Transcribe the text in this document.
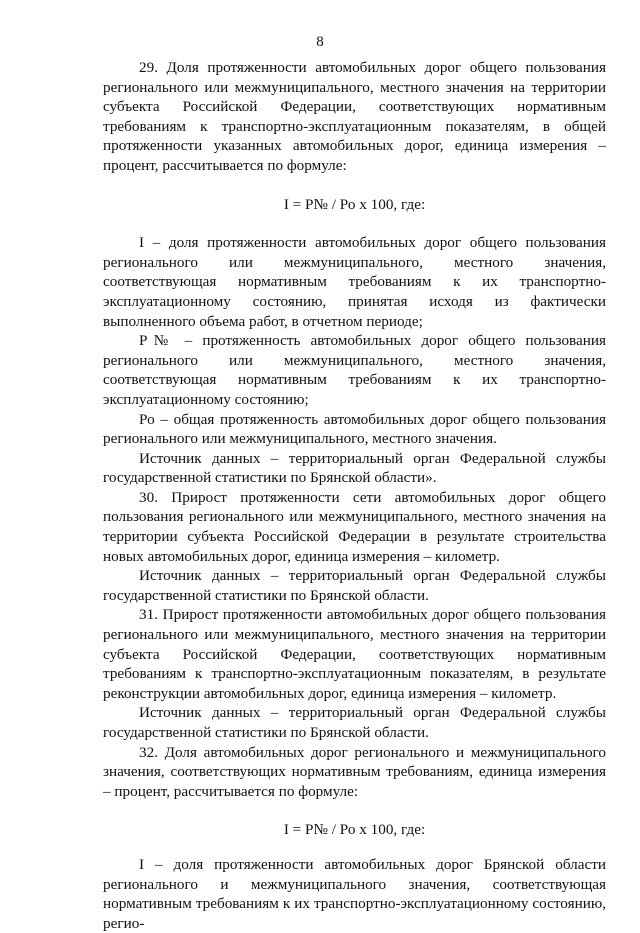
8

29. Доля протяженности автомобильных дорог общего пользования регионального или межмуниципального, местного значения на территории субъекта Российской Федерации, соответствующих нормативным требованиям к транспортно-эксплуатационным показателям, в общей протяженности указанных автомобильных дорог, единица измерения – процент, рассчитывается по формуле:

I = Р№ / Ро х 100, где:

I – доля протяженности автомобильных дорог общего пользования регионального или межмуниципального, местного значения, соответствующая нормативным требованиям к их транспортно-эксплуатационному состоянию, принятая исходя из фактически выполненного объема работ, в отчетном периоде;

Р№ – протяженность автомобильных дорог общего пользования регионального или межмуниципального, местного значения, соответствующая нормативным требованиям к их транспортно-эксплуатационному состоянию;

Ро – общая протяженность автомобильных дорог общего пользования регионального или межмуниципального, местного значения.

Источник данных – территориальный орган Федеральной службы государственной статистики по Брянской области».

30. Прирост протяженности сети автомобильных дорог общего пользования регионального или межмуниципального, местного значения на территории субъекта Российской Федерации в результате строительства новых автомобильных дорог, единица измерения – километр.

Источник данных – территориальный орган Федеральной службы государственной статистики по Брянской области.

31. Прирост протяженности автомобильных дорог общего пользования регионального или межмуниципального, местного значения на территории субъекта Российской Федерации, соответствующих нормативным требованиям к транспортно-эксплуатационным показателям, в результате реконструкции автомобильных дорог, единица измерения – километр.

Источник данных – территориальный орган Федеральной службы государственной статистики по Брянской области.

32. Доля автомобильных дорог регионального и межмуниципального значения, соответствующих нормативным требованиям, единица измерения – процент, рассчитывается по формуле:

I = Р№ / Ро х 100, где:

I – доля протяженности автомобильных дорог Брянской области регионального и межмуниципального значения, соответствующая нормативным требованиям к их транспортно-эксплуатационному состоянию, регио-
